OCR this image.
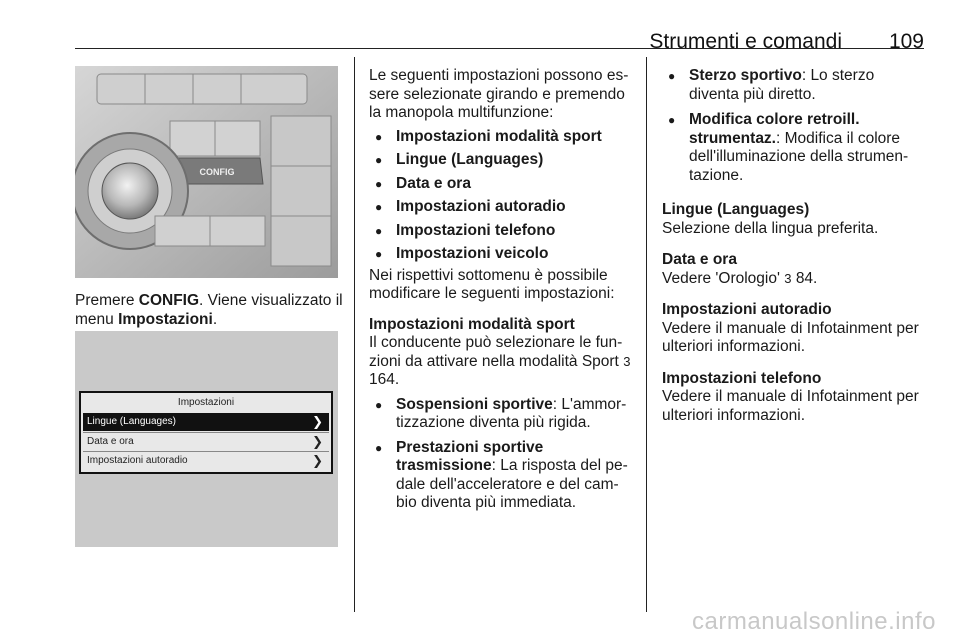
Strumenti e comandi 109
CONFIG

Premere CONFIG. Viene visualizzato il menu Impostazioni.

Impostazioni
Lingue (Languages)	❯
Data e ora	❯
Impostazioni autoradio	❯

Le seguenti impostazioni possono es-sere selezionate girando e premendo la manopola multifunzione:

● Impostazioni modalità sport
● Lingue (Languages)
● Data e ora
● Impostazioni autoradio
● Impostazioni telefono
● Impostazioni veicolo

Nei rispettivi sottomenu è possibile modificare le seguenti impostazioni:

Impostazioni modalità sport

Il conducente può selezionare le fun-zioni da attivare nella modalità Sport 3 164.

● Sospensioni sportive: L'ammor-tizzazione diventa più rigida.
● Prestazioni sportive trasmissione: La risposta del pe-dale dell'acceleratore e del cam-bio diventa più immediata.
● Sterzo sportivo: Lo sterzo diventa più diretto.
● Modifica colore retroill. strumentaz.: Modifica il colore dell'illuminazione della strumen-tazione.

Lingue (Languages)

Selezione della lingua preferita.

Data e ora

Vedere 'Orologio' 3 84.

Impostazioni autoradio

Vedere il manuale di Infotainment per ulteriori informazioni.

Impostazioni telefono

Vedere il manuale di Infotainment per ulteriori informazioni.

carmanualsonline.info
